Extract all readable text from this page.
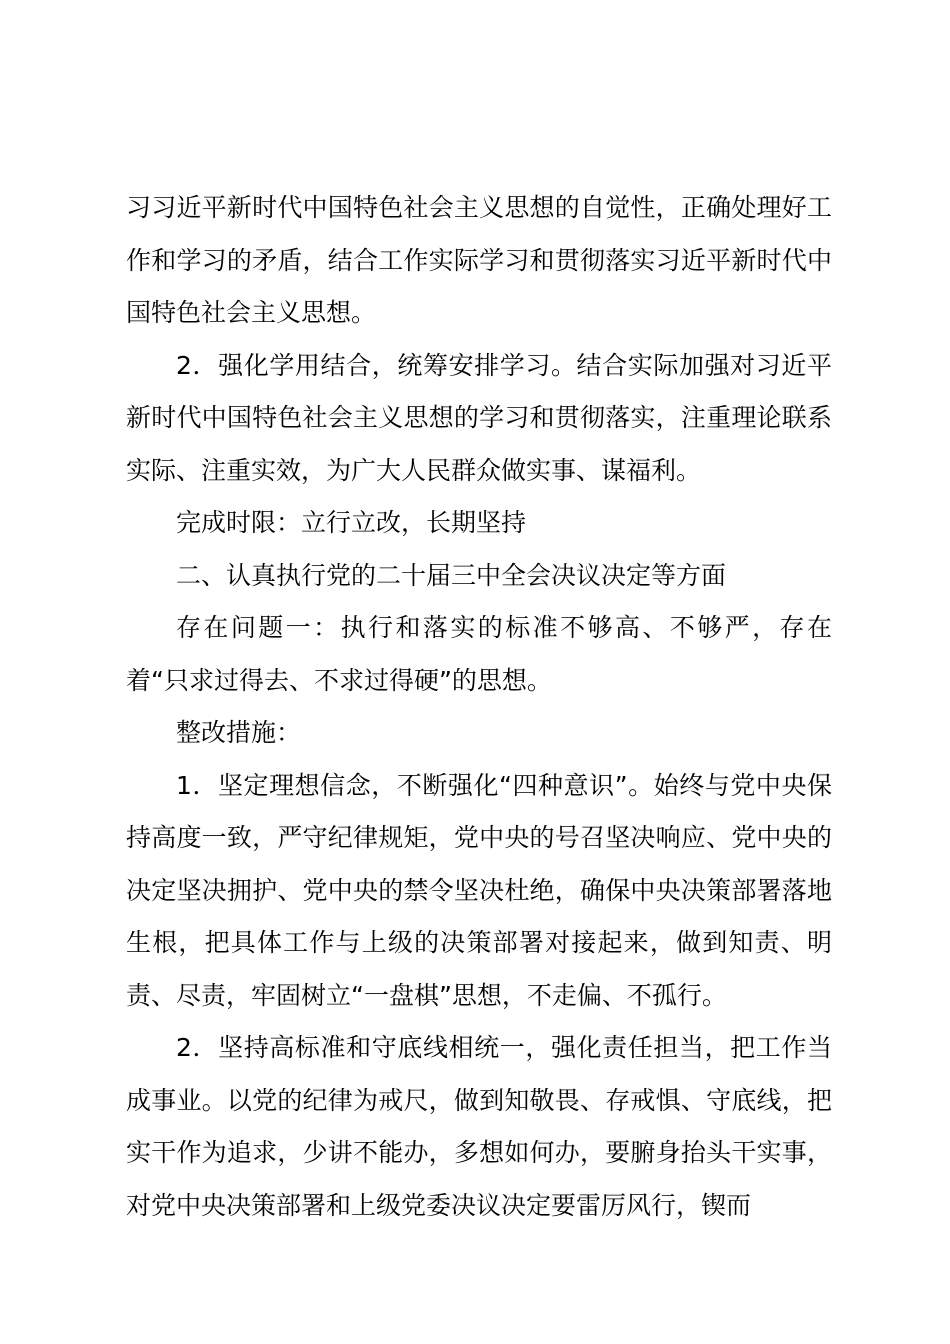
习习近平新时代中国特色社会主义思想的自觉性，正确处理好工作和学习的矛盾，结合工作实际学习和贯彻落实习近平新时代中国特色社会主义思想。

2．强化学用结合，统筹安排学习。结合实际加强对习近平新时代中国特色社会主义思想的学习和贯彻落实，注重理论联系实际、注重实效，为广大人民群众做实事、谋福利。

完成时限：立行立改，长期坚持

二、认真执行党的二十届三中全会决议决定等方面

存在问题一：执行和落实的标准不够高、不够严，存在着“只求过得去、不求过得硬”的思想。

整改措施：

1．坚定理想信念，不断强化“四种意识”。始终与党中央保持高度一致，严守纪律规矩，党中央的号召坚决响应、党中央的决定坚决拥护、党中央的禁令坚决杜绝，确保中央决策部署落地生根，把具体工作与上级的决策部署对接起来，做到知责、明责、尽责，牢固树立“一盘棋”思想，不走偏、不孤行。

2．坚持高标准和守底线相统一，强化责任担当，把工作当成事业。以党的纪律为戒尺，做到知敬畏、存戒惧、守底线，把实干作为追求，少讲不能办，多想如何办，要腑身抬头干实事，对党中央决策部署和上级党委决议决定要雷厉风行，锲而
